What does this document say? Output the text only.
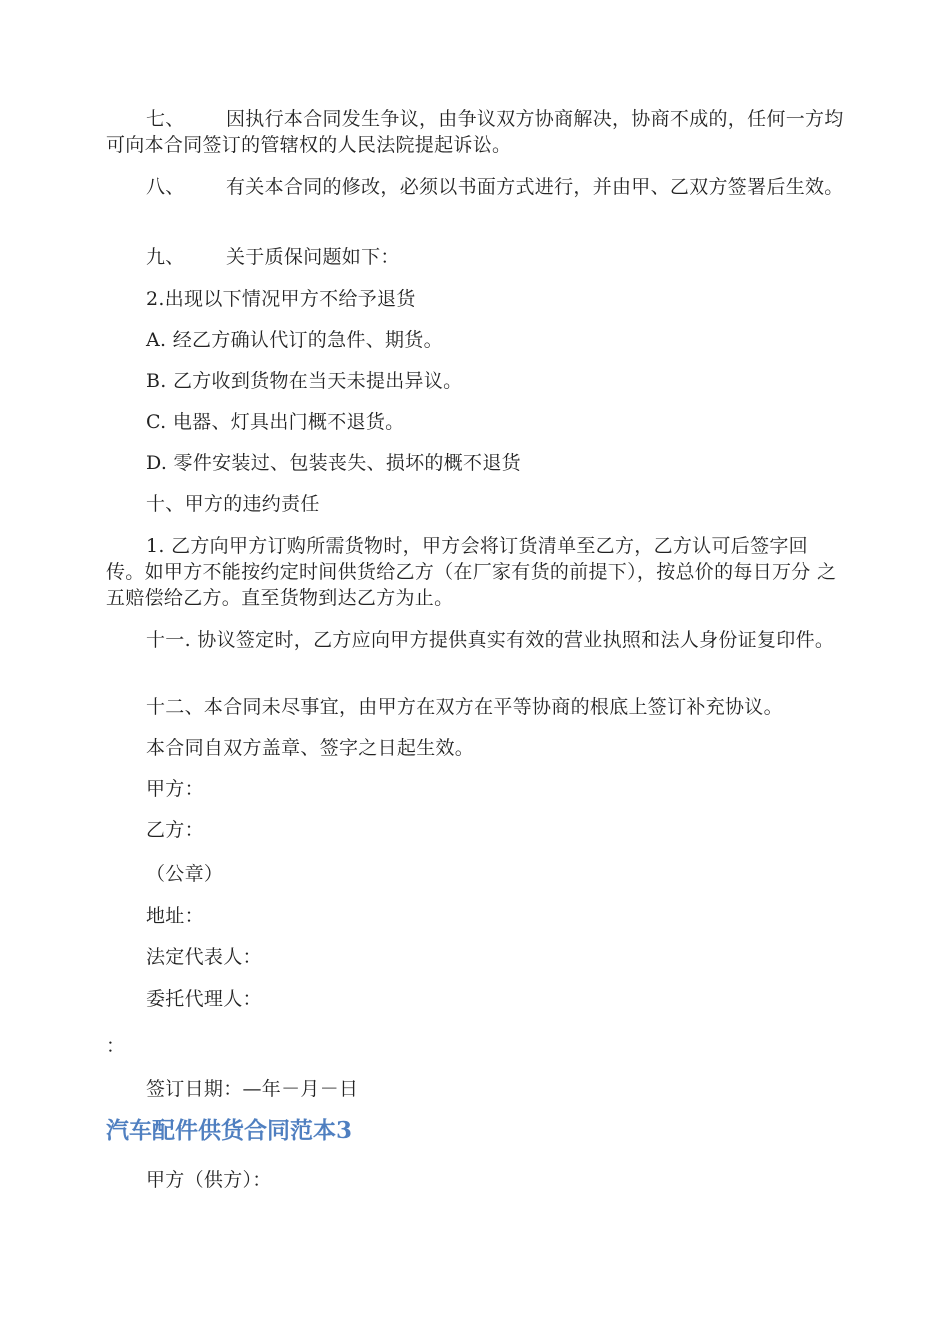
七、 因执行本合同发生争议，由争议双方协商解决，协商不成的，任何一方均 可向本合同签订的管辖权的人民法院提起诉讼。

八、 有关本合同的修改，必须以书面方式进行，并由甲、乙双方签署后生效。

九、 关于质保问题如下：

2.出现以下情况甲方不给予退货

A. 经乙方确认代订的急件、期货。

B. 乙方收到货物在当天未提出异议。

C. 电器、灯具出门概不退货。

D. 零件安装过、包装丧失、损坏的概不退货

十、甲方的违约责任

1. 乙方向甲方订购所需货物时，甲方会将订货清单至乙方，乙方认可后签字回 传。如甲方不能按约定时间供货给乙方（在厂家有货的前提下），按总价的每日万分 之五赔偿给乙方。直至货物到达乙方为止。

十一. 协议签定时，乙方应向甲方提供真实有效的营业执照和法人身份证复印件。

十二、本合同未尽事宜，由甲方在双方在平等协商的根底上签订补充协议。

本合同自双方盖章、签字之日起生效。

甲方：

乙方：

（公章）

地址：

法定代表人：

委托代理人：

：

签订日期：—年－月－日

汽车配件供货合同范本3

甲方（供方）：
